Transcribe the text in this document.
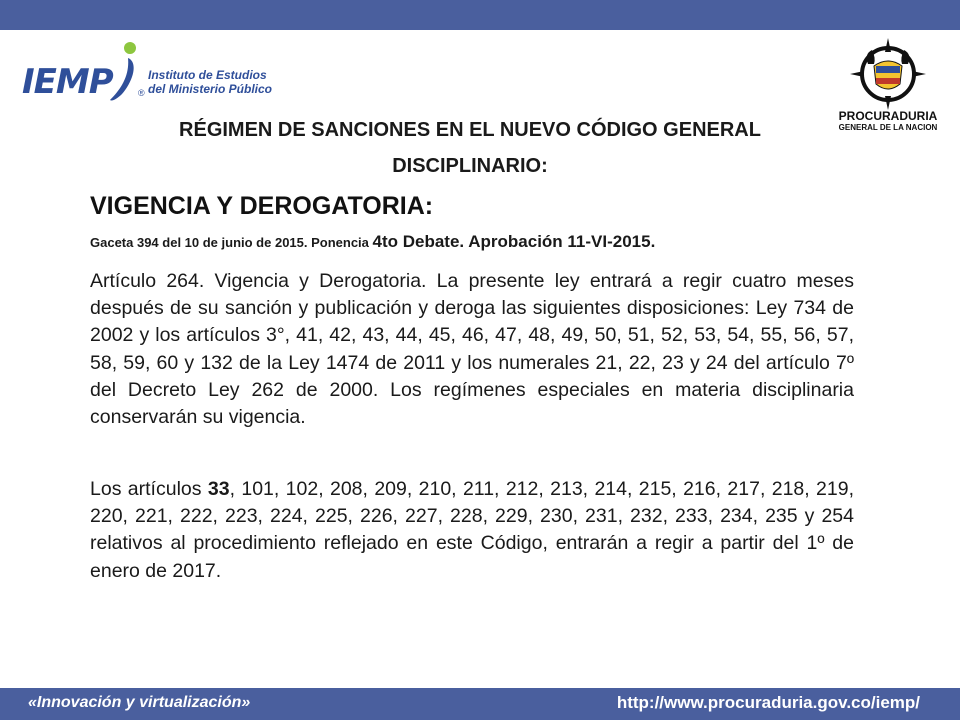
IEMP	®
Instituto de Estudios
del Ministerio Público
PROCURADURIA
GENERAL DE LA NACION
RÉGIMEN DE SANCIONES EN EL NUEVO CÓDIGO GENERAL DISCIPLINARIO:
VIGENCIA Y DEROGATORIA:
Gaceta 394 del 10 de junio de 2015. Ponencia 4to Debate. Aprobación 11-VI-2015.
Artículo 264. Vigencia y Derogatoria. La presente ley entrará a regir cuatro meses después de su sanción y publicación y deroga las siguientes disposiciones: Ley 734 de 2002 y los artículos 3°, 41, 42, 43, 44, 45, 46, 47, 48, 49, 50, 51, 52, 53, 54, 55, 56, 57, 58, 59, 60 y 132 de la Ley 1474 de 2011 y los numerales 21, 22, 23 y 24 del artículo 7º del Decreto Ley 262 de 2000. Los regímenes especiales en materia disciplinaria conservarán su vigencia.
Los artículos 33, 101, 102, 208, 209, 210, 211, 212, 213, 214, 215, 216, 217, 218, 219, 220, 221, 222, 223, 224, 225, 226, 227, 228, 229, 230, 231, 232, 233, 234, 235 y 254 relativos al procedimiento reflejado en este Código, entrarán a regir a partir del 1º de enero de 2017.
«Innovación y virtualización»	http://www.procuraduria.gov.co/iemp/
